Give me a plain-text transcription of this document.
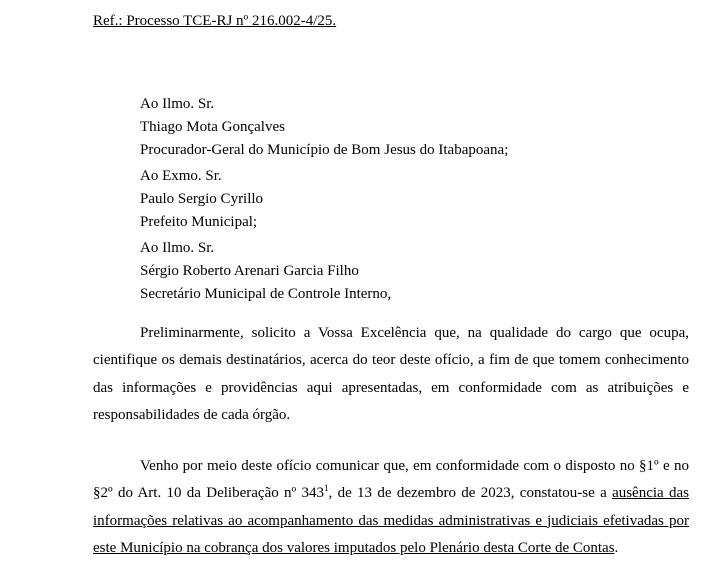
Ref.: Processo TCE-RJ nº 216.002-4/25.
Ao Ilmo. Sr.
Thiago Mota Gonçalves
Procurador-Geral do Município de Bom Jesus do Itabapoana;
Ao Exmo. Sr.
Paulo Sergio Cyrillo
Prefeito Municipal;
Ao Ilmo. Sr.
Sérgio Roberto Arenari Garcia Filho
Secretário Municipal de Controle Interno,
Preliminarmente, solicito a Vossa Excelência que, na qualidade do cargo que ocupa, cientifique os demais destinatários, acerca do teor deste ofício, a fim de que tomem conhecimento das informações e providências aqui apresentadas, em conformidade com as atribuições e responsabilidades de cada órgão.
Venho por meio deste ofício comunicar que, em conformidade com o disposto no §1º e no §2º do Art. 10 da Deliberação nº $343^1$, de 13 de dezembro de 2023, constatou-se a ausência das informações relativas ao acompanhamento das medidas administrativas e judiciais efetivadas por este Município na cobrança dos valores imputados pelo Plenário desta Corte de Contas.
